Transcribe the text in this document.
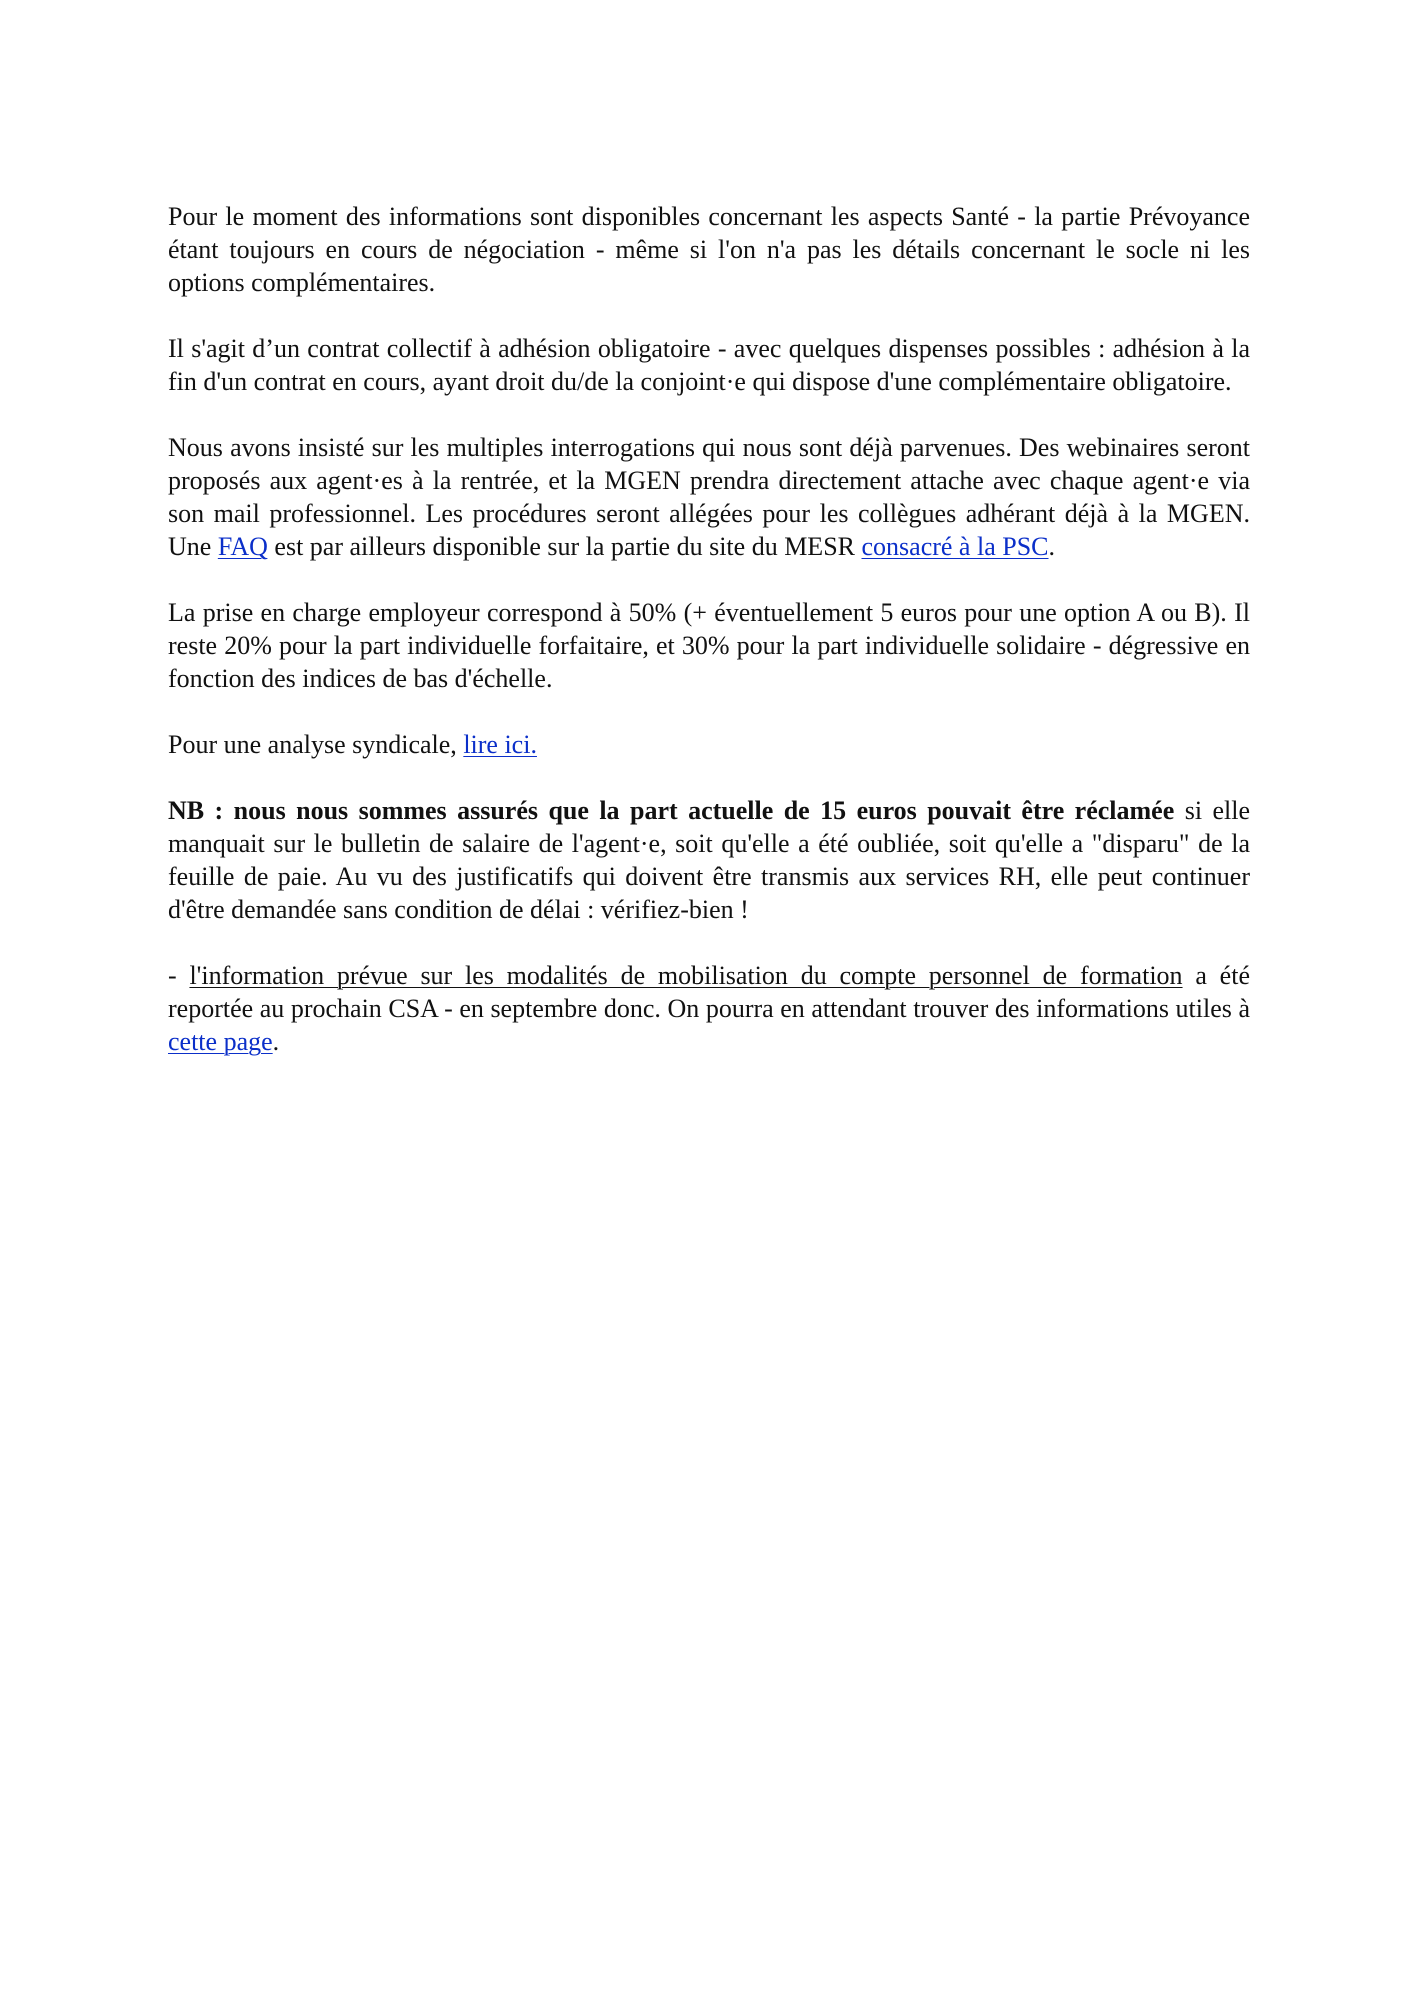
Pour le moment des informations sont disponibles concernant les aspects Santé - la partie Prévoyance étant toujours en cours de négociation - même si l'on n'a pas les détails concernant le socle ni les options complémentaires.

Il s'agit d’un contrat collectif à adhésion obligatoire - avec quelques dispenses possibles : adhésion à la fin d'un contrat en cours, ayant droit du/de la conjoint·e qui dispose d'une complémentaire obligatoire.

Nous avons insisté sur les multiples interrogations qui nous sont déjà parvenues. Des webinaires seront proposés aux agent·es à la rentrée, et la MGEN prendra directement attache avec chaque agent·e via son mail professionnel. Les procédures seront allégées pour les collègues adhérant déjà à la MGEN. Une FAQ est par ailleurs disponible sur la partie du site du MESR consacré à la PSC.

La prise en charge employeur correspond à 50% (+ éventuellement 5 euros pour une option A ou B). Il reste 20% pour la part individuelle forfaitaire, et 30% pour la part individuelle solidaire - dégressive en fonction des indices de bas d'échelle.

Pour une analyse syndicale, lire ici.

NB : nous nous sommes assurés que la part actuelle de 15 euros pouvait être réclamée si elle manquait sur le bulletin de salaire de l'agent·e, soit qu'elle a été oubliée, soit qu'elle a "disparu" de la feuille de paie. Au vu des justificatifs qui doivent être transmis aux services RH, elle peut continuer d'être demandée sans condition de délai : vérifiez-bien !

- l'information prévue sur les modalités de mobilisation du compte personnel de formation a été reportée au prochain CSA - en septembre donc. On pourra en attendant trouver des informations utiles à cette page.
